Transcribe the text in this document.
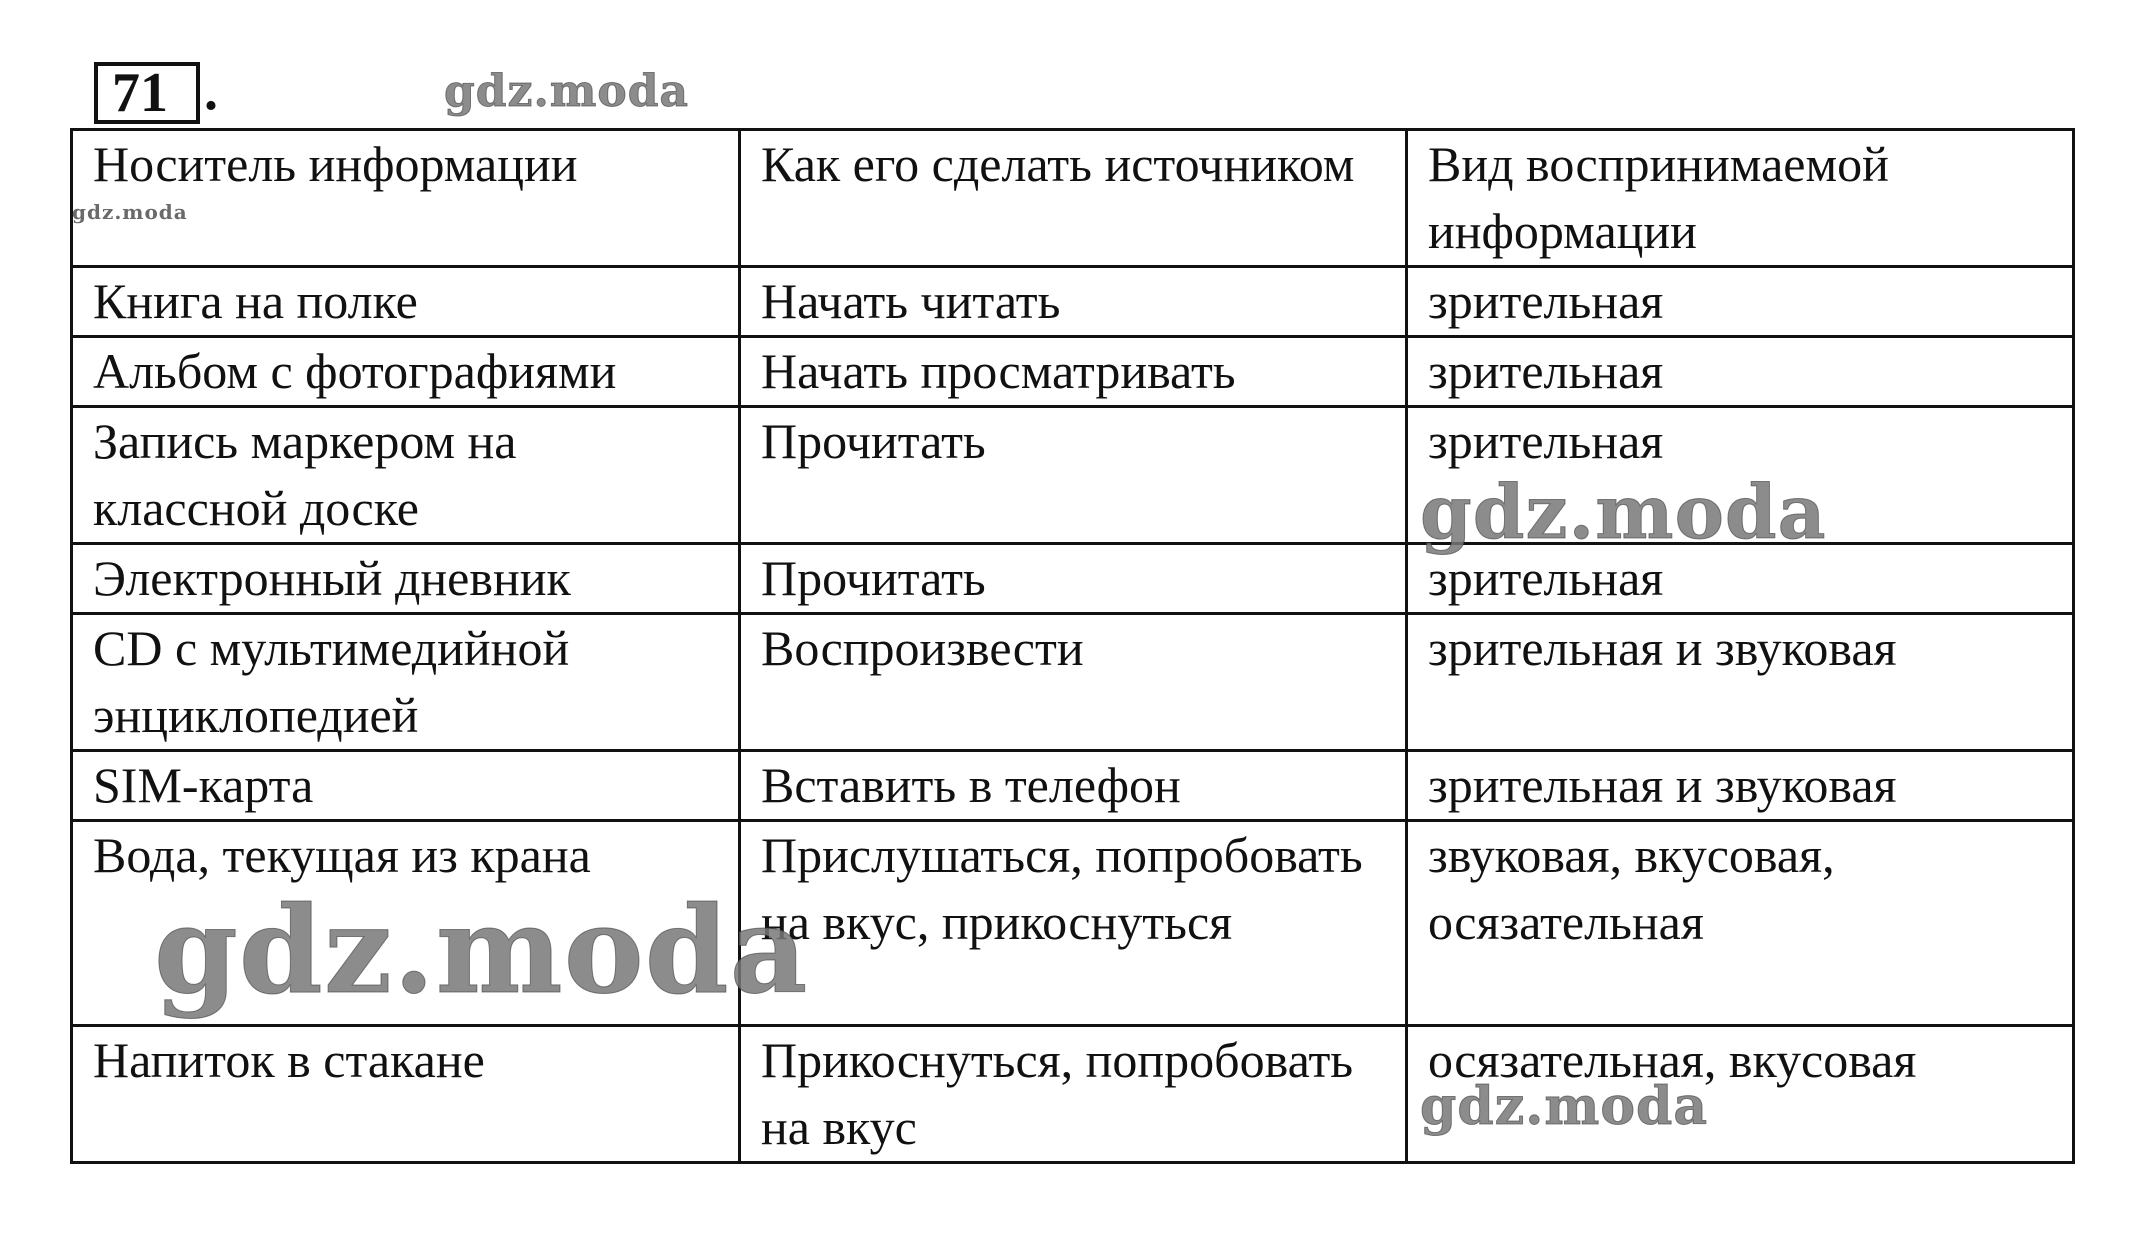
71 .
Носитель информации	Как его сделать источником	Вид воспринимаемой информации
Книга на полке	Начать читать	зрительная
Альбом с фотографиями	Начать просматривать	зрительная
Запись маркером на классной доске	Прочитать	зрительная
Электронный дневник	Прочитать	зрительная
CD с мультимедийной энциклопедией	Воспроизвести	зрительная и звуковая
SIM-карта	Вставить в телефон	зрительная и звуковая
Вода, текущая из крана	Прислушаться, попробовать на вкус, прикоснуться	звуковая, вкусовая, осязательная
Напиток в стакане	Прикоснуться, попробовать на вкус	осязательная, вкусовая
gdz.moda
gdz.moda
gdz.moda
gdz.moda
gdz.moda
